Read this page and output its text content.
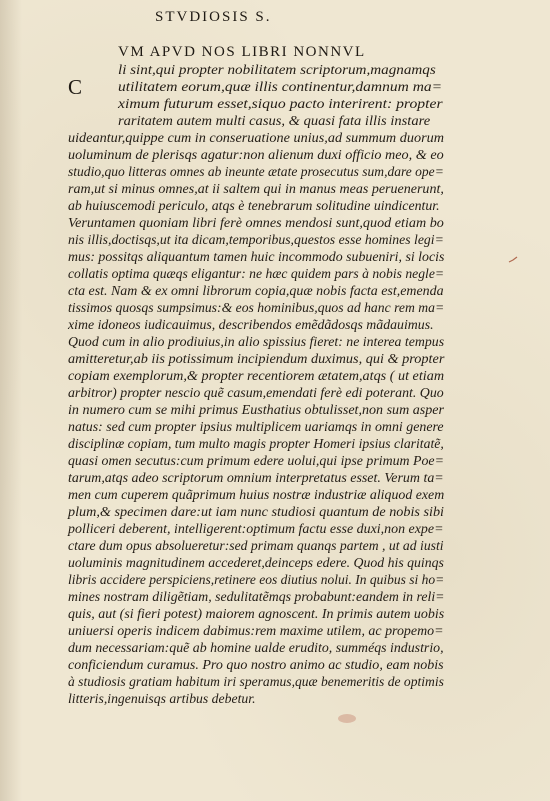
STVDIOSIS S.
VM APVD NOS LIBRI NONNVL
C
li sint,qui propter nobilitatem scriptorum,magnamqs
utilitatem eorum,quæ illis continentur,damnum ma=
ximum futurum esset,siquo pacto interirent: propter
raritatem autem multi casus, & quasi fata illis instare
uideantur,quippe cum in conseruatione unius,ad summum duorum
uoluminum de plerisqs agatur:non alienum duxi officio meo, & eo
studio,quo litteras omnes ab ineunte ætate prosecutus sum,dare ope=
ram,ut si minus omnes,at ii saltem qui in manus meas peruenerunt,
ab huiuscemodi periculo, atqs è tenebrarum solitudine uindicentur.
Veruntamen quoniam libri ferè omnes mendosi sunt,quod etiam bo
nis illis,doctisqs,ut ita dicam,temporibus,questos esse homines legi=
mus: possitqs aliquantum tamen huic incommodo subueniri, si locis
collatis optima quæqs eligantur: ne hæc quidem pars à nobis negle=
cta est. Nam & ex omni librorum copia,quæ nobis facta est,emenda
tissimos quosqs sumpsimus:& eos hominibus,quos ad hanc rem ma=
xime idoneos iudicauimus, describendos emẽdãdosqs mãdauimus.
Quod cum in alio prodiuius,in alio spissius fieret: ne interea tempus
amitteretur,ab iis potissimum incipiendum duximus, qui & propter
copiam exemplorum,& propter recentiorem ætatem,atqs ( ut etiam
arbitror) propter nescio quẽ casum,emendati ferè edi poterant. Quo
in numero cum se mihi primus Eusthatius obtulisset,non sum asper
natus: sed cum propter ipsius multiplicem uariamqs in omni genere
disciplinæ copiam, tum multo magis propter Homeri ipsius claritatẽ,
quasi omen secutus:cum primum edere uolui,qui ipse primum Poe=
tarum,atqs adeo scriptorum omnium interpretatus esset. Verum ta=
men cum cuperem quãprimum huius nostræ industriæ aliquod exem
plum,& specimen dare:ut iam nunc studiosi quantum de nobis sibi
polliceri deberent, intelligerent:optimum factu esse duxi,non expe=
ctare dum opus absolueretur:sed primam quanqs partem , ut ad iusti
uoluminis magnitudinem accederet,deinceps edere. Quod his quinqs
libris accidere perspiciens,retinere eos diutius nolui. In quibus si ho=
mines nostram diligẽtiam, sedulitatẽmqs probabunt:eandem in reli=
quis, aut (si fieri potest) maiorem agnoscent. In primis autem uobis
uniuersi operis indicem dabimus:rem maxime utilem, ac propemo=
dum necessariam:quẽ ab homine ualde erudito, summéqs industrio,
conficiendum curamus. Pro quo nostro animo ac studio, eam nobis
à studiosis gratiam habitum iri speramus,quæ benemeritis de optimis
litteris,ingenuisqs artibus debetur.
